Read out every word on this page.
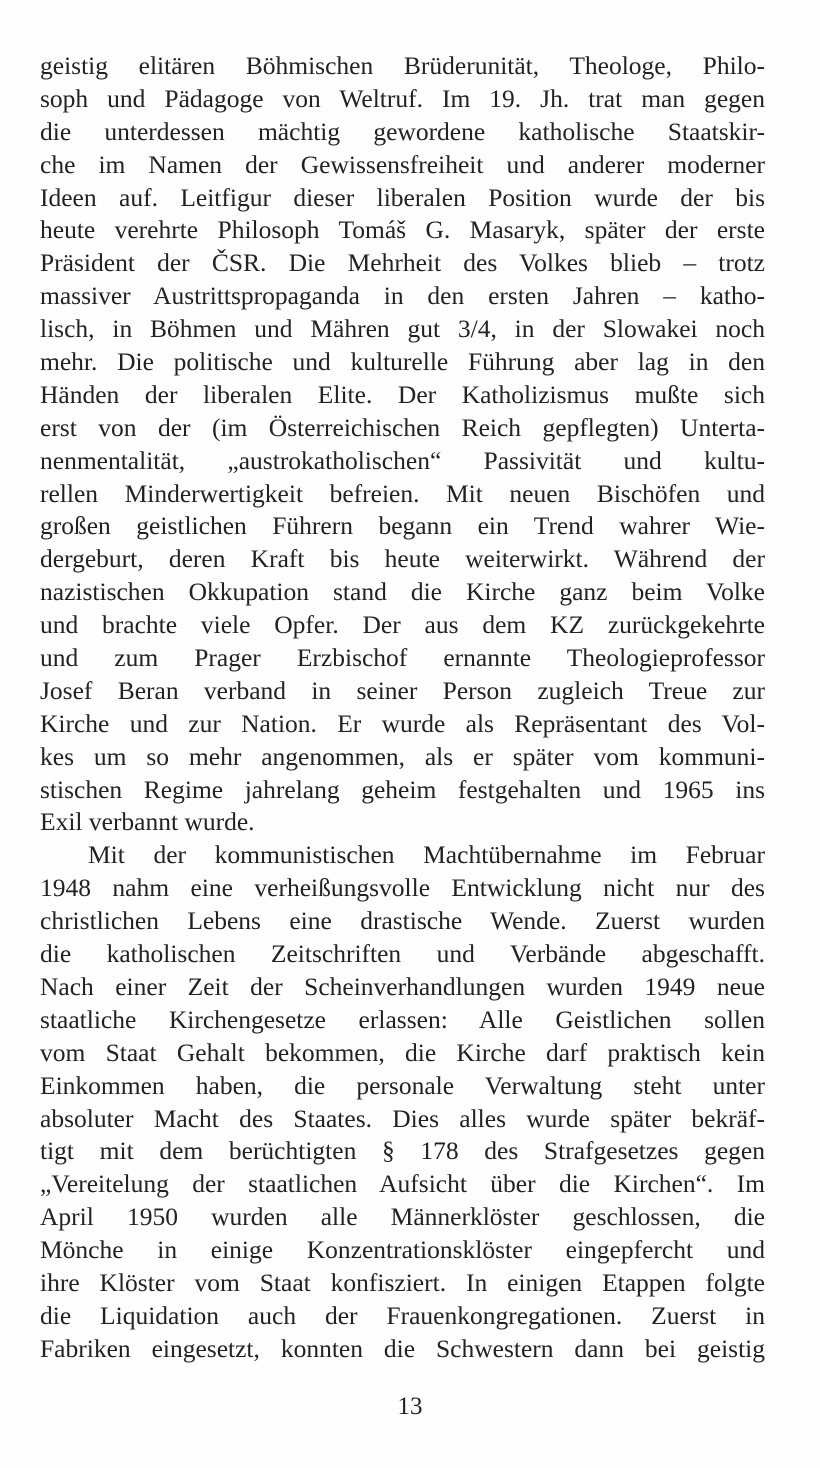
geistig elitären Böhmischen Brüderunität, Theologe, Philo-
soph und Pädagoge von Weltruf. Im 19. Jh. trat man gegen
die unterdessen mächtig gewordene katholische Staatskir-
che im Namen der Gewissensfreiheit und anderer moderner
Ideen auf. Leitfigur dieser liberalen Position wurde der bis
heute verehrte Philosoph Tomáš G. Masaryk, später der erste
Präsident der ČSR. Die Mehrheit des Volkes blieb – trotz
massiver Austrittspropaganda in den ersten Jahren – katho-
lisch, in Böhmen und Mähren gut 3/4, in der Slowakei noch
mehr. Die politische und kulturelle Führung aber lag in den
Händen der liberalen Elite. Der Katholizismus mußte sich
erst von der (im Österreichischen Reich gepflegten) Unterta-
nenmentalität, „austrokatholischen“ Passivität und kultu-
rellen Minderwertigkeit befreien. Mit neuen Bischöfen und
großen geistlichen Führern begann ein Trend wahrer Wie-
dergeburt, deren Kraft bis heute weiterwirkt. Während der
nazistischen Okkupation stand die Kirche ganz beim Volke
und brachte viele Opfer. Der aus dem KZ zurückgekehrte
und zum Prager Erzbischof ernannte Theologieprofessor
Josef Beran verband in seiner Person zugleich Treue zur
Kirche und zur Nation. Er wurde als Repräsentant des Vol-
kes um so mehr angenommen, als er später vom kommuni-
stischen Regime jahrelang geheim festgehalten und 1965 ins
Exil verbannt wurde.
Mit der kommunistischen Machtübernahme im Februar
1948 nahm eine verheißungsvolle Entwicklung nicht nur des
christlichen Lebens eine drastische Wende. Zuerst wurden
die katholischen Zeitschriften und Verbände abgeschafft.
Nach einer Zeit der Scheinverhandlungen wurden 1949 neue
staatliche Kirchengesetze erlassen: Alle Geistlichen sollen
vom Staat Gehalt bekommen, die Kirche darf praktisch kein
Einkommen haben, die personale Verwaltung steht unter
absoluter Macht des Staates. Dies alles wurde später bekräf-
tigt mit dem berüchtigten § 178 des Strafgesetzes gegen
„Vereitelung der staatlichen Aufsicht über die Kirchen“. Im
April 1950 wurden alle Männerklöster geschlossen, die
Mönche in einige Konzentrationsklöster eingepfercht und
ihre Klöster vom Staat konfisziert. In einigen Etappen folgte
die Liquidation auch der Frauenkongregationen. Zuerst in
Fabriken eingesetzt, konnten die Schwestern dann bei geistig
13
